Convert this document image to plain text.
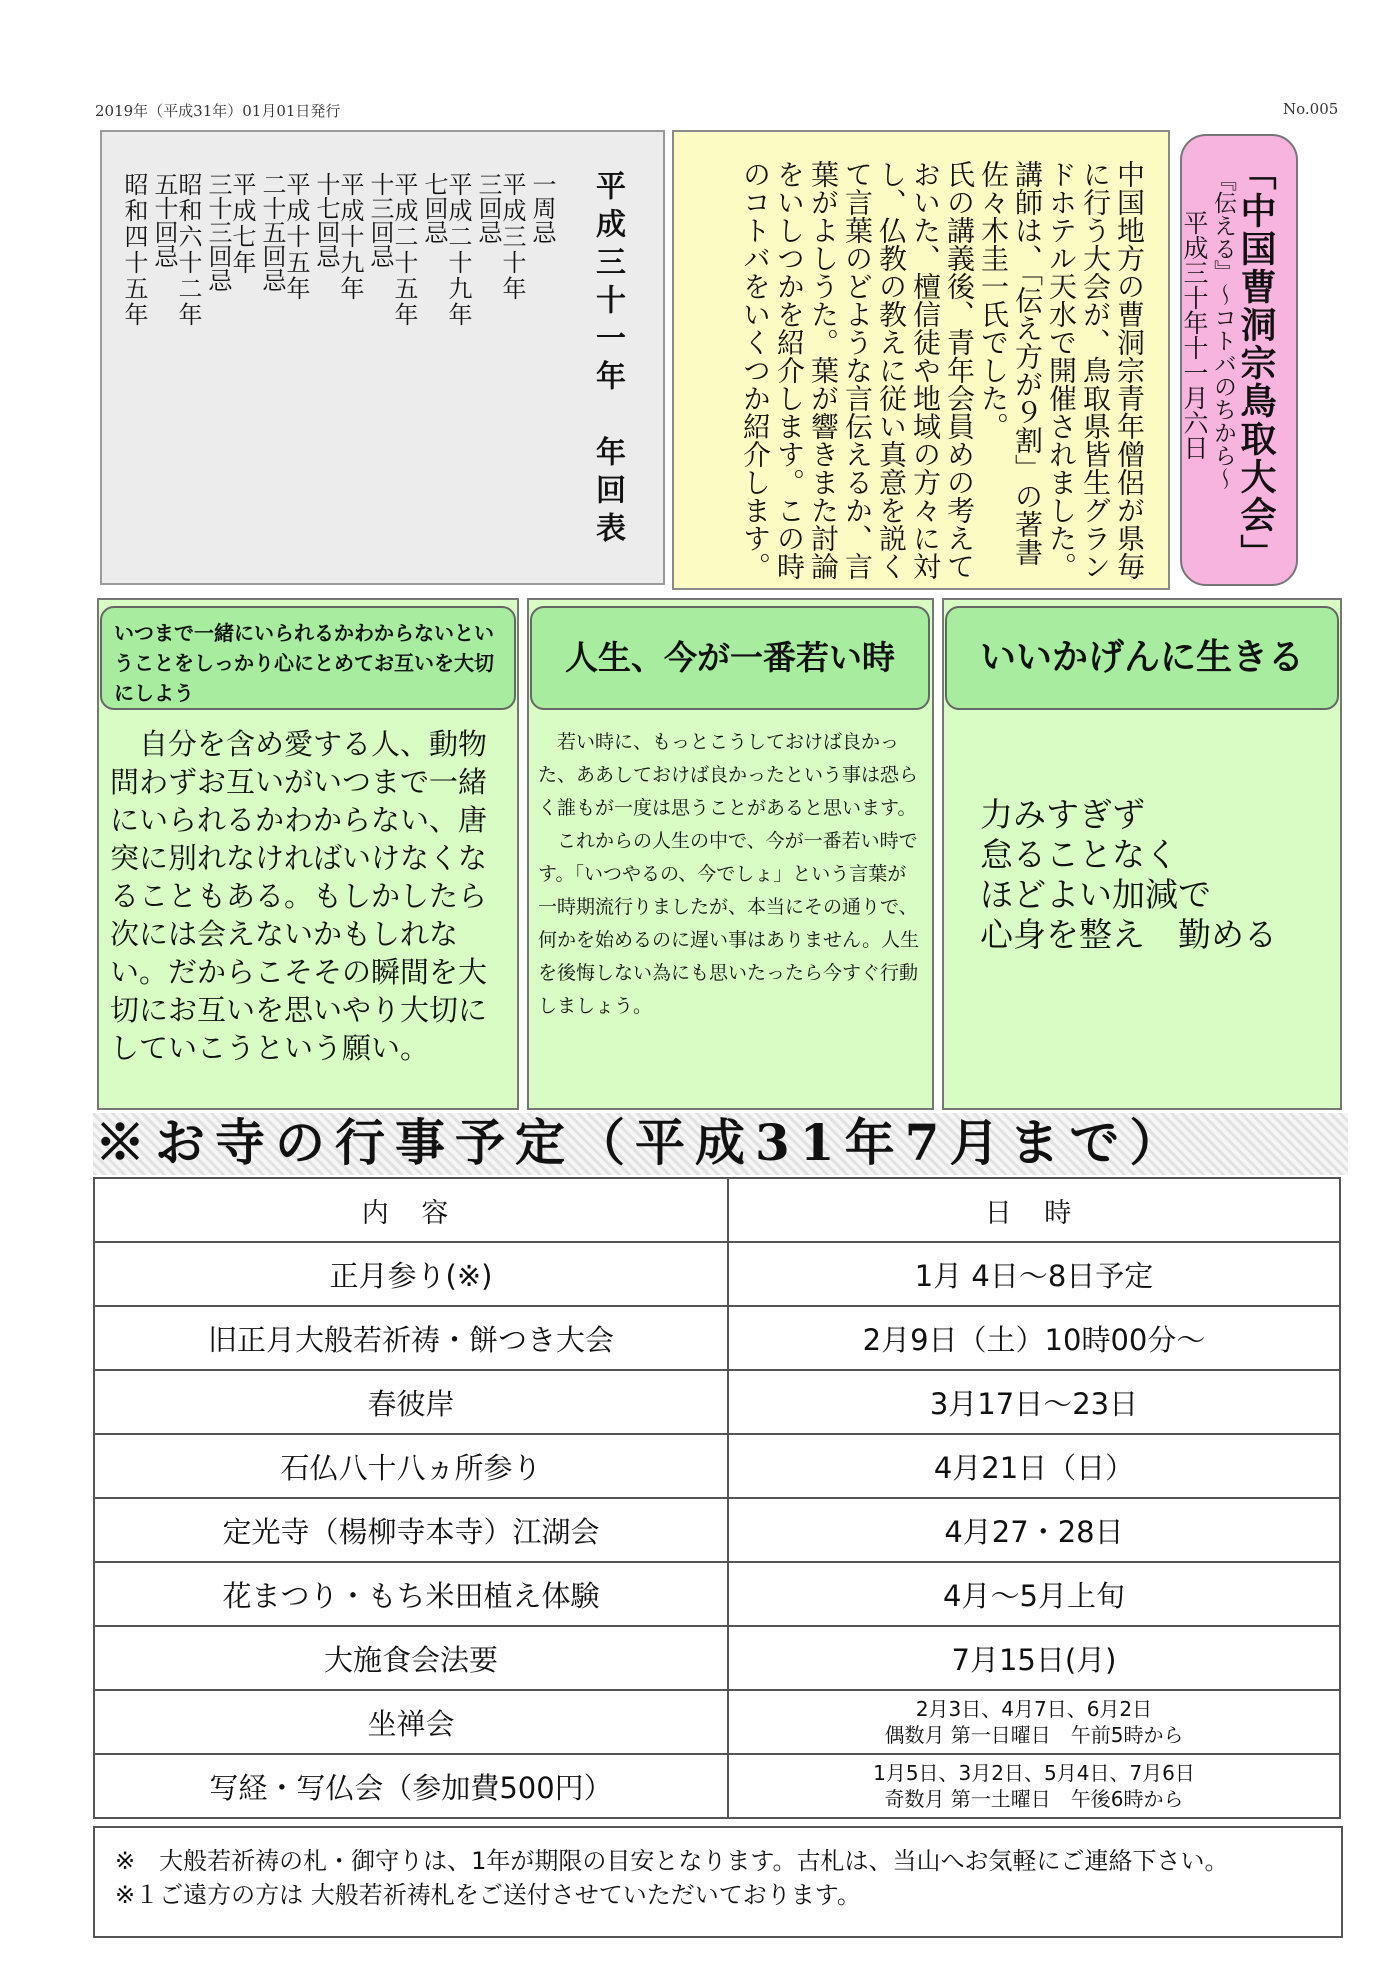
2019年（平成31年）01月01日発行	No.005
平成三十一年　年回表
一周忌
平成三十年
三回忌
平成二十九年
七回忌
平成二十五年
十三回忌
平成十九年
十七回忌
平成十五年
二十五回忌
平成七年
三十三回忌
昭和六十二年
五十回忌
昭和四十五年	中国地方の曹洞宗青年僧侶が県毎に行う大会が、鳥取県皆生グランドホテル天水で開催されました。講師は、「伝え方が９割」の著書 佐々木圭一氏でした。
氏の講義後、青年会員めの考えておいた、檀信徒や地域の方々に対し、仏教の教えに従い真意を説くて言葉のどような言伝えるか、言葉がよしうた。葉が響きまた討論をいしつかを紹介します。この時のコトバをいくつか紹介します。	「中国曹洞宗鳥取大会」
『伝える』～コトバのちから～
平成三十年十一月六日
いつまで一緒にいられるかわからないということをしっかり心にとめてお互いを大切にしよう
人生、今が一番若い時	いいかげんに生きる

自分を含め愛する人、動物問わずお互いがいつまで一緒にいられるかわからない、唐突に別れなければいけなくなることもある。もしかしたら次には会えないかもしれない。だからこそその瞬間を大切にお互いを思いやり大切にしていこうという願い。

若い時に、もっとこうしておけば良かった、ああしておけば良かったという事は恐らく誰もが一度は思うことがあると思います。

これからの人生の中で、今が一番若い時です。「いつやるの、今でしょ」という言葉が一時期流行りましたが、本当にその通りで、何かを始めるのに遅い事はありません。人生を後悔しない為にも思いたったら今すぐ行動しましょう。

力みすぎず
怠ることなく
ほどよい加減で
心身を整え　勤める
※お寺の行事予定（平成31年7月まで）
内 容	日 時
正月参り(※)	1月 4日～8日予定
旧正月大般若祈祷・餅つき大会	2月9日（土）10時00分～
春彼岸	3月17日～23日
石仏八十八ヵ所参り	4月21日（日）
定光寺（楊柳寺本寺）江湖会	4月27・28日
花まつり・もち米田植え体験	4月～5月上旬
大施食会法要	7月15日(月)
坐禅会	2月3日、4月7日、6月2日
偶数月 第一日曜日　午前5時から

写経・写仏会（参加費500円）	1月5日、3月2日、5月4日、7月6日
奇数月 第一土曜日　午後6時から
※　大般若祈祷の札・御守りは、1年が期限の目安となります。古札は、当山へお気軽にご連絡下さい。
※１ご遠方の方は 大般若祈祷札をご送付させていただいております。
